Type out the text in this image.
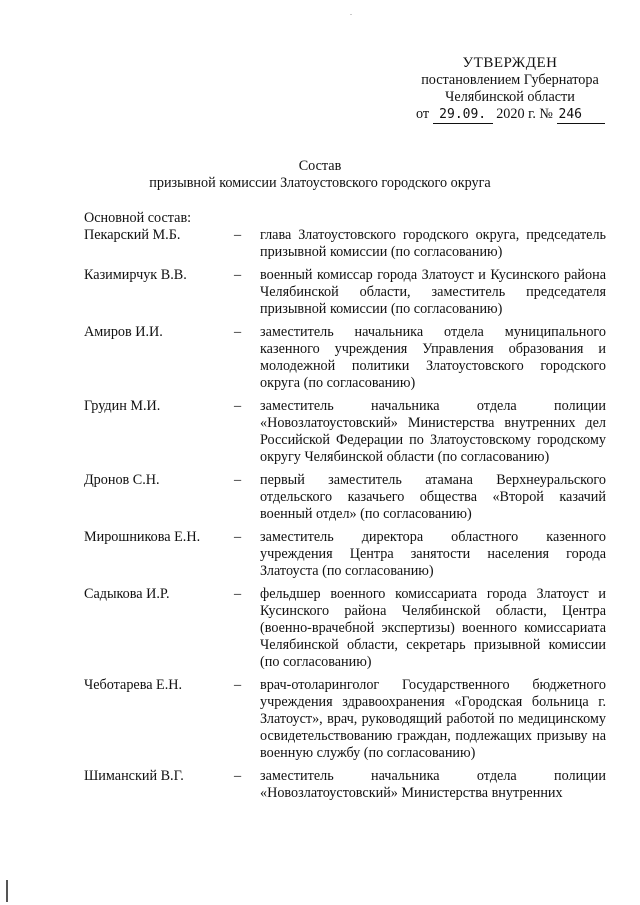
.
УТВЕРЖДЕН
постановлением Губернатора
Челябинской области
от 29.09. 2020 г. № 246
Состав
призывной комиссии Златоустовского городского округа
Основной состав:
Пекарский М.Б.	–	глава Златоустовского городского округа, председатель призывной комиссии (по согласованию)
Казимирчук В.В.	–	военный комиссар города Златоуст и Кусинского района Челябинской области, заместитель председателя призывной комиссии (по согласованию)
Амиров И.И.	–	заместитель начальника отдела муниципального казенного учреждения Управления образования и молодежной политики Златоустовского городского округа (по согласованию)
Грудин М.И.	–	заместитель начальника отдела полиции «Новозлатоустовский» Министерства внутренних дел Российской Федерации по Златоустовскому городскому округу Челябинской области (по согласованию)
Дронов С.Н.	–	первый заместитель атамана Верхнеуральского отдельского казачьего общества «Второй казачий военный отдел» (по согласованию)
Мирошникова Е.Н.	–	заместитель директора областного казенного учреждения Центра занятости населения города Златоуста (по согласованию)
Садыкова И.Р.	–	фельдшер военного комиссариата города Златоуст и Кусинского района Челябинской области, Центра (военно-врачебной экспертизы) военного комиссариата Челябинской области, секретарь призывной комиссии (по согласованию)
Чеботарева Е.Н.	–	врач-отоларинголог Государственного бюджетного учреждения здравоохранения «Городская больница г. Златоуст», врач, руководящий работой по медицинскому освидетельствованию граждан, подлежащих призыву на военную службу (по согласованию)
Шиманский В.Г.	–	заместитель начальника отдела полиции «Новозлатоустовский» Министерства внутренних
